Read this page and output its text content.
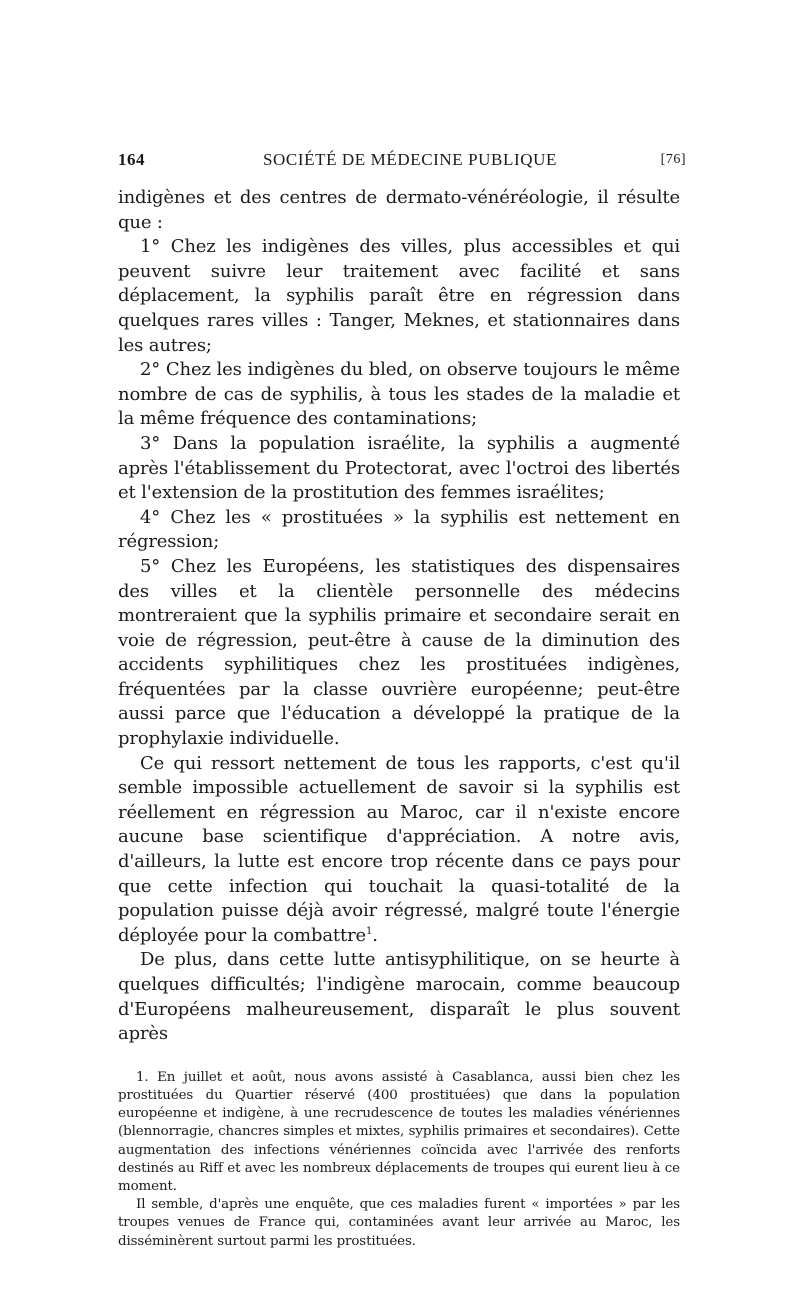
164	SOCIÉTÉ DE MÉDECINE PUBLIQUE	[76]

indigènes et des centres de dermato-vénéréologie, il résulte que :

1° Chez les indigènes des villes, plus accessibles et qui peuvent suivre leur traitement avec facilité et sans déplacement, la syphilis paraît être en régression dans quelques rares villes : Tanger, Meknes, et stationnaires dans les autres;

2° Chez les indigènes du bled, on observe toujours le même nombre de cas de syphilis, à tous les stades de la maladie et la même fréquence des contaminations;

3° Dans la population israélite, la syphilis a augmenté après l'établissement du Protectorat, avec l'octroi des libertés et l'extension de la prostitution des femmes israélites;

4° Chez les « prostituées » la syphilis est nettement en régression;

5° Chez les Européens, les statistiques des dispensaires des villes et la clientèle personnelle des médecins montreraient que la syphilis primaire et secondaire serait en voie de régression, peut-être à cause de la diminution des accidents syphilitiques chez les prostituées indigènes, fréquentées par la classe ouvrière européenne; peut-être aussi parce que l'éducation a développé la pratique de la prophylaxie individuelle.

Ce qui ressort nettement de tous les rapports, c'est qu'il semble impossible actuellement de savoir si la syphilis est réellement en régression au Maroc, car il n'existe encore aucune base scientifique d'appréciation. A notre avis, d'ailleurs, la lutte est encore trop récente dans ce pays pour que cette infection qui touchait la quasi-totalité de la population puisse déjà avoir régressé, malgré toute l'énergie déployée pour la combattre$^1$.

De plus, dans cette lutte antisyphilitique, on se heurte à quelques difficultés; l'indigène marocain, comme beaucoup d'Européens malheureusement, disparaît le plus souvent après

1. En juillet et août, nous avons assisté à Casablanca, aussi bien chez les prostituées du Quartier réservé (400 prostituées) que dans la population européenne et indigène, à une recrudescence de toutes les maladies vénériennes (blennorragie, chancres simples et mixtes, syphilis primaires et secondaires). Cette augmentation des infections vénériennes coïncida avec l'arrivée des renforts destinés au Riff et avec les nombreux déplacements de troupes qui eurent lieu à ce moment.

Il semble, d'après une enquête, que ces maladies furent « importées » par les troupes venues de France qui, contaminées avant leur arrivée au Maroc, les disséminèrent surtout parmi les prostituées.
